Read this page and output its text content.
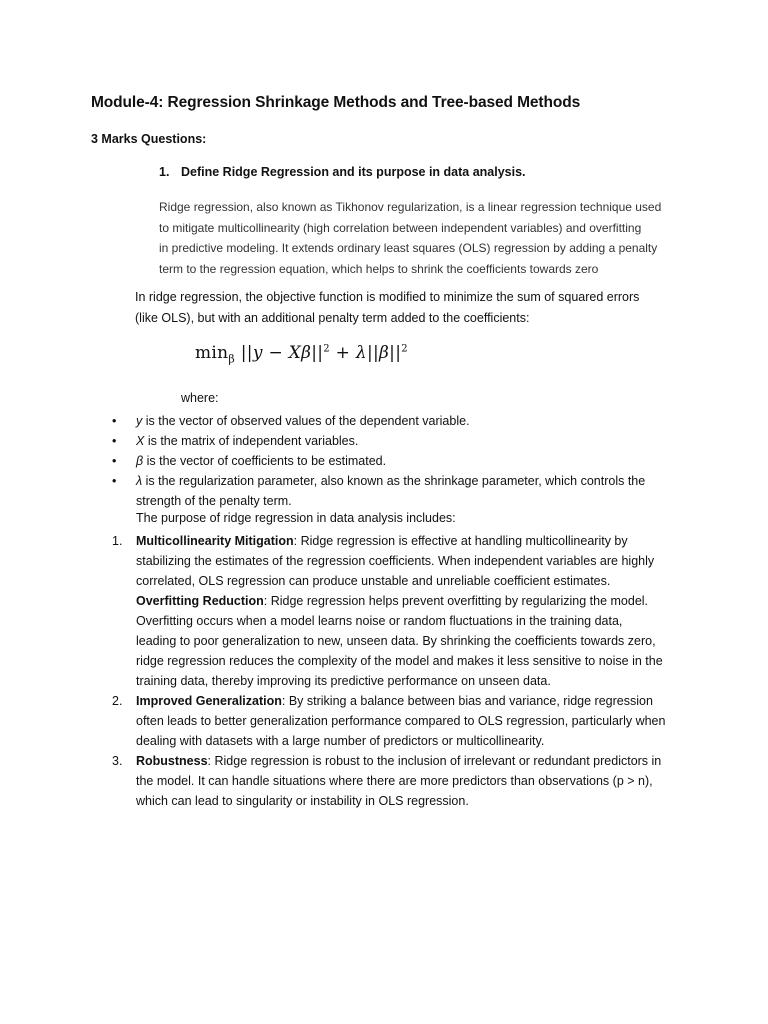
Module-4: Regression Shrinkage Methods and Tree-based Methods
3 Marks Questions:
1. Define Ridge Regression and its purpose in data analysis.
Ridge regression, also known as Tikhonov regularization, is a linear regression technique used
to mitigate multicollinearity (high correlation between independent variables) and overfitting
in predictive modeling. It extends ordinary least squares (OLS) regression by adding a penalty
term to the regression equation, which helps to shrink the coefficients towards zero
In ridge regression, the objective function is modified to minimize the sum of squared errors
(like OLS), but with an additional penalty term added to the coefficients:
$\min_\beta ||y - X\beta||^2 + \lambda||\beta||^2$
where:
• y is the vector of observed values of the dependent variable.
• X is the matrix of independent variables.
• β is the vector of coefficients to be estimated.
• λ is the regularization parameter, also known as the shrinkage parameter, which controls the
strength of the penalty term.
The purpose of ridge regression in data analysis includes:
1. Multicollinearity Mitigation: Ridge regression is effective at handling multicollinearity by
stabilizing the estimates of the regression coefficients. When independent variables are highly
correlated, OLS regression can produce unstable and unreliable coefficient estimates.
Overfitting Reduction: Ridge regression helps prevent overfitting by regularizing the model.
Overfitting occurs when a model learns noise or random fluctuations in the training data,
leading to poor generalization to new, unseen data. By shrinking the coefficients towards zero,
ridge regression reduces the complexity of the model and makes it less sensitive to noise in the
training data, thereby improving its predictive performance on unseen data.
2. Improved Generalization: By striking a balance between bias and variance, ridge regression
often leads to better generalization performance compared to OLS regression, particularly when
dealing with datasets with a large number of predictors or multicollinearity.
3. Robustness: Ridge regression is robust to the inclusion of irrelevant or redundant predictors in
the model. It can handle situations where there are more predictors than observations (p > n),
which can lead to singularity or instability in OLS regression.
